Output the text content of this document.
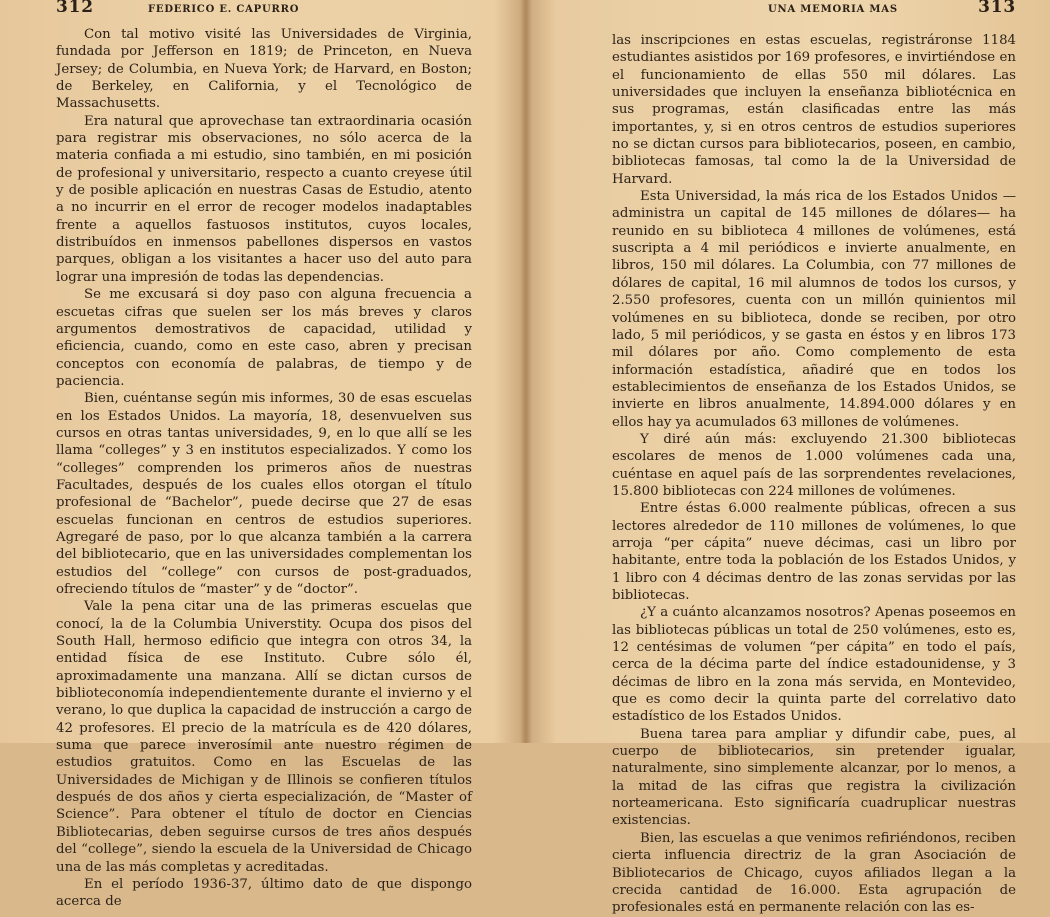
312	FEDERICO E. CAPURRO

Con tal motivo visité las Universidades de Virginia, fundada por Jefferson en 1819; de Princeton, en Nueva Jersey; de Columbia, en Nueva York; de Harvard, en Boston; de Berkeley, en California, y el Tecnológico de Massachusetts.

Era natural que aprovechase tan extraordinaria ocasión para registrar mis observaciones, no sólo acerca de la materia confiada a mi estudio, sino también, en mi posición de profesional y universitario, respecto a cuanto creyese útil y de posible aplicación en nuestras Casas de Estudio, atento a no incurrir en el error de recoger modelos inadaptables frente a aquellos fastuosos institutos, cuyos locales, distribuídos en inmensos pabellones dispersos en vastos parques, obligan a los visitantes a hacer uso del auto para lograr una impresión de todas las dependencias.

Se me excusará si doy paso con alguna frecuencia a escuetas cifras que suelen ser los más breves y claros argumentos demostrativos de capacidad, utilidad y eficiencia, cuando, como en este caso, abren y precisan conceptos con economía de palabras, de tiempo y de paciencia.

Bien, cuéntanse según mis informes, 30 de esas escuelas en los Estados Unidos. La mayoría, 18, desenvuelven sus cursos en otras tantas universidades, 9, en lo que allí se les llama “colleges” y 3 en institutos especializados. Y como los “colleges” comprenden los primeros años de nuestras Facultades, después de los cuales ellos otorgan el título profesional de “Bachelor”, puede decirse que 27 de esas escuelas funcionan en centros de estudios superiores. Agregaré de paso, por lo que alcanza también a la carrera del bibliotecario, que en las universidades complementan los estudios del “college” con cursos de post-graduados, ofreciendo títulos de “master” y de “doctor”.

Vale la pena citar una de las primeras escuelas que conocí, la de la Columbia Universtity. Ocupa dos pisos del South Hall, hermoso edificio que integra con otros 34, la entidad física de ese Instituto. Cubre sólo él, aproximadamente una manzana. Allí se dictan cursos de biblioteconomía independientemente durante el invierno y el verano, lo que duplica la capacidad de instrucción a cargo de 42 profesores. El precio de la matrícula es de 420 dólares, suma que parece inverosímil ante nuestro régimen de estudios gratuitos. Como en las Escuelas de las Universidades de Michigan y de Illinois se confieren títulos después de dos años y cierta especialización, de “Master of Science”. Para obtener el título de doctor en Ciencias Bibliotecarias, deben seguirse cursos de tres años después del “college”, siendo la escuela de la Universidad de Chicago una de las más completas y acreditadas.

En el período 1936-37, último dato de que dispongo acerca de

UNA MEMORIA MAS	313

las inscripciones en estas escuelas, registráronse 1184 estudiantes asistidos por 169 profesores, e invirtiéndose en el funcionamiento de ellas 550 mil dólares. Las universidades que incluyen la enseñanza bibliotécnica en sus programas, están clasificadas entre las más importantes, y, si en otros centros de estudios superiores no se dictan cursos para bibliotecarios, poseen, en cambio, bibliotecas famosas, tal como la de la Universidad de Harvard.

Esta Universidad, la más rica de los Estados Unidos —administra un capital de 145 millones de dólares— ha reunido en su biblioteca 4 millones de volúmenes, está suscripta a 4 mil periódicos e invierte anualmente, en libros, 150 mil dólares. La Columbia, con 77 millones de dólares de capital, 16 mil alumnos de todos los cursos, y 2.550 profesores, cuenta con un millón quinientos mil volúmenes en su biblioteca, donde se reciben, por otro lado, 5 mil periódicos, y se gasta en éstos y en libros 173 mil dólares por año. Como complemento de esta información estadística, añadiré que en todos los establecimientos de enseñanza de los Estados Unidos, se invierte en libros anualmente, 14.894.000 dólares y en ellos hay ya acumulados 63 millones de volúmenes.

Y diré aún más: excluyendo 21.300 bibliotecas escolares de menos de 1.000 volúmenes cada una, cuéntase en aquel país de las sorprendentes revelaciones, 15.800 bibliotecas con 224 millones de volúmenes.

Entre éstas 6.000 realmente públicas, ofrecen a sus lectores alrededor de 110 millones de volúmenes, lo que arroja “per cápita” nueve décimas, casi un libro por habitante, entre toda la población de los Estados Unidos, y 1 libro con 4 décimas dentro de las zonas servidas por las bibliotecas.

¿Y a cuánto alcanzamos nosotros? Apenas poseemos en las bibliotecas públicas un total de 250 volúmenes, esto es, 12 centésimas de volumen “per cápita” en todo el país, cerca de la décima parte del índice estadounidense, y 3 décimas de libro en la zona más servida, en Montevideo, que es como decir la quinta parte del correlativo dato estadístico de los Estados Unidos.

Buena tarea para ampliar y difundir cabe, pues, al cuerpo de bibliotecarios, sin pretender igualar, naturalmente, sino simplemente alcanzar, por lo menos, a la mitad de las cifras que registra la civilización norteamericana. Esto significaría cuadruplicar nuestras existencias.

Bien, las escuelas a que venimos refiriéndonos, reciben cierta influencia directriz de la gran Asociación de Bibliotecarios de Chicago, cuyos afiliados llegan a la crecida cantidad de 16.000. Esta agrupación de profesionales está en permanente relación con las es-
